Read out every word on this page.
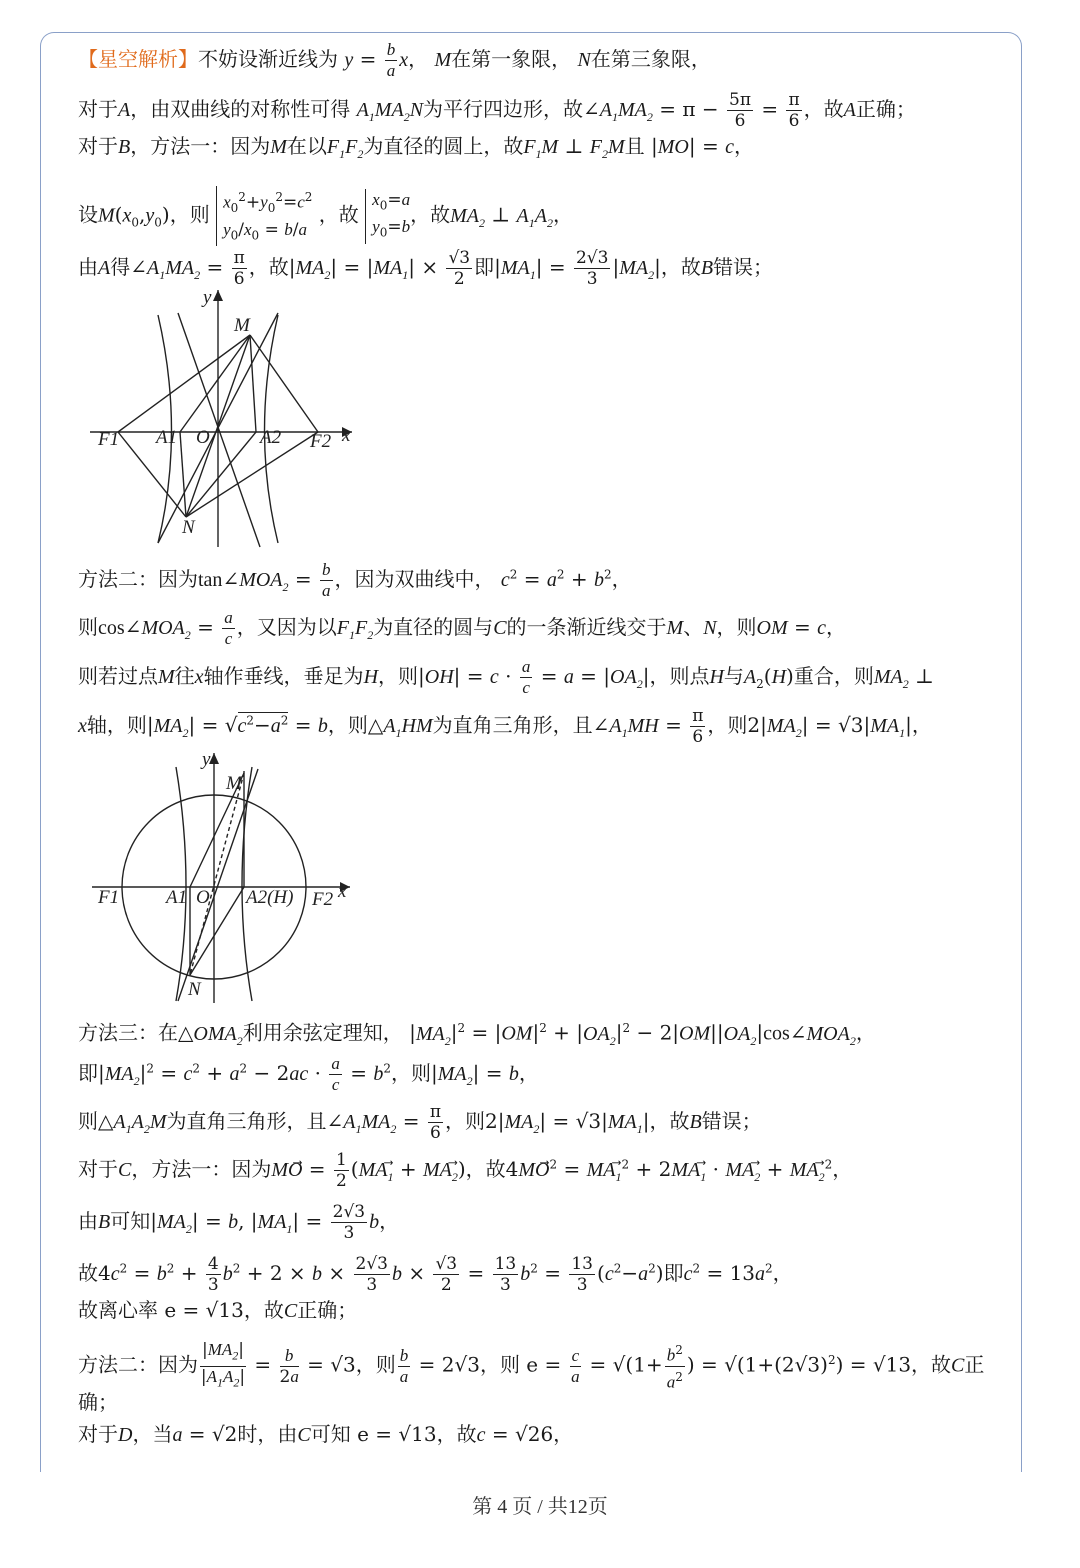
【星空解析】不妨设渐近线为 $y = \frac{b}{a}$ x， M在第一象限， N在第三象限，
对于A，由双曲线的对称性可得 $A_1MA_2N$为平行四边形，故$\angle A_1MA_2 = \pi - \frac{5\pi}{6} = \frac{\pi}{6}$ ，故A正确；
对于B，方法一：因为M在以$F_1F_2$为直径的圆上，故$F_1M$ ⊥ $F_2M$且 |MO| = c，
设$M(x_0,y_0)$，则 $x_0^2+y_0^2=c^2$
$y_0/x_0 = b/a$ ，故 $x_0=a$
$y_0=b$，故$MA_2$ ⊥ $A_1A_2$，
由A得$\angle A_1MA_2 = \frac{\pi}{6}$ ，故$|MA_2| = |MA_1| \times \frac{√3}{2}$ 即$|MA_1| = \frac{2√3}{3} |MA_2|$，故B错误；
方法二：因为$\tan\angle MOA_2 = \frac{b}{a}$ ，因为双曲线中， $c^2 = a^2 + b^2$，
则$\cos\angle MOA_2 = \frac{a}{c}$ ，又因为以$F_1F_2$为直径的圆与C的一条渐近线交于M、N，则OM = c，
则若过点M往x轴作垂线，垂足为H，则$|OH| = c \cdot \frac{a}{c} = a = |OA_2|$，则点H与$A_2(H)$重合，则$MA_2$ ⊥
x轴，则$|MA_2| = √c^2-a^2 = b$，则$\triangle A_1HM$为直角三角形，且$\angle A_1MH = \frac{\pi}{6}$ ，则$2|MA_2| = √3|MA_1|$，
方法三：在$\triangle OMA_2$利用余弦定理知， $|MA_2|^2 = |OM|^2 + |OA_2|^2$ − $2|OM||OA_2|\cos\angle MOA_2$，
即$|MA_2|^2 = c^2 + a^2 - 2ac \cdot \frac{a}{c} = b^2$，则$|MA_2| = b$，
则$\triangle A_1A_2M$为直角三角形，且$\angle A_1MA_2 = \frac{\pi}{6}$ ，则$2|MA_2| = √3|MA_1|$，故B错误；
对于C，方法一：因为MO⃗ = $\frac{1}{2}$ ($MA_1⃗$ + $MA_2⃗$)，故$4MO^2 = MA_1^2$ + $2MA_1⃗$ · $MA_2⃗ + MA_2^2$，
由B可知$|MA_2| = b$, $|MA_1| = \frac{2√3}{3}$ b，
故$4c^2 = b^2 + \frac{4}{3} b^2 + 2 \times b \times \frac{2√3}{3}$ $b \times \frac{√3}{2} = \frac{13}{3} b^2 = \frac{13}{3} (c^2-a^2)$即$c^2 = 13a^2$，
故离心率 e = √13，故C正确；
方法二：因为 $\frac{|MA_2|}{|A_1A_2|} = \frac{b}{2a} = √3$，则 $\frac{b}{a} = 2√3$，则 $e = \frac{c}{a} = √(1+ \frac{b^2}{a^2}$ ) = $√(1+(2√3)^2) = √13$，故C正
确；
对于D，当a = √2时，由C可知 e = √13，故c = √26，
y
M
F1 A1 O	A2 F2 x
N
y
M
F1 A1 O A2(H) F2 x
N
第 4 页 / 共12页
